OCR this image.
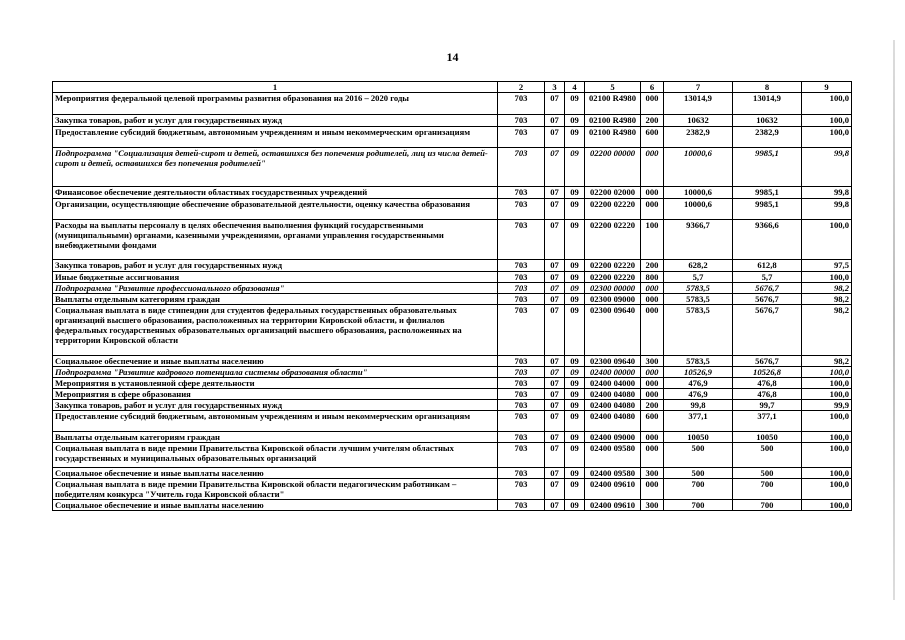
14
1	2	3	4	5	6	7	8	9
Мероприятия федеральной целевой программы развития образования на 2016 – 2020 годы	703	07	09	02100 R4980	000	13014,9	13014,9	100,0
Закупка товаров, работ и услуг для государственных нужд	703	07	09	02100 R4980	200	10632	10632	100,0
Предоставление субсидий бюджетным, автономным учреждениям и иным некоммерческим организациям	703	07	09	02100 R4980	600	2382,9	2382,9	100,0
Подпрограмма "Социализация детей-сирот и детей, оставшихся без попечения родителей, лиц из числа детей-сирот и детей, оставшихся без попечения родителей"	703	07	09	02200 00000	000	10000,6	9985,1	99,8
Финансовое обеспечение деятельности областных государственных учреждений	703	07	09	02200 02000	000	10000,6	9985,1	99,8
Организации, осуществляющие обеспечение образовательной деятельности, оценку качества образования	703	07	09	02200 02220	000	10000,6	9985,1	99,8
Расходы на выплаты персоналу в целях обеспечения выполнения функций государственными (муниципальными) органами, казенными учреждениями, органами управления государственными внебюджетными фондами	703	07	09	02200 02220	100	9366,7	9366,6	100,0
Закупка товаров, работ и услуг для государственных нужд	703	07	09	02200 02220	200	628,2	612,8	97,5
Иные бюджетные ассигнования	703	07	09	02200 02220	800	5,7	5,7	100,0
Подпрограмма "Развитие профессионального образования"	703	07	09	02300 00000	000	5783,5	5676,7	98,2
Выплаты отдельным категориям граждан	703	07	09	02300 09000	000	5783,5	5676,7	98,2
Социальная выплата в виде стипендии для студентов федеральных государственных образовательных организаций высшего образования, расположенных на территории Кировской области, и филиалов федеральных государственных образовательных организаций высшего образования, расположенных на территории Кировской области	703	07	09	02300 09640	000	5783,5	5676,7	98,2
Социальное обеспечение и иные выплаты населению	703	07	09	02300 09640	300	5783,5	5676,7	98,2
Подпрограмма "Развитие кадрового потенциала системы образования области"	703	07	09	02400 00000	000	10526,9	10526,8	100,0
Мероприятия в установленной сфере деятельности	703	07	09	02400 04000	000	476,9	476,8	100,0
Мероприятия в сфере образования	703	07	09	02400 04080	000	476,9	476,8	100,0
Закупка товаров, работ и услуг для государственных нужд	703	07	09	02400 04080	200	99,8	99,7	99,9
Предоставление субсидий бюджетным, автономным учреждениям и иным некоммерческим организациям	703	07	09	02400 04080	600	377,1	377,1	100,0
Выплаты отдельным категориям граждан	703	07	09	02400 09000	000	10050	10050	100,0
Социальная выплата в виде премии Правительства Кировской области лучшим учителям областных государственных и муниципальных образовательных организаций	703	07	09	02400 09580	000	500	500	100,0
Социальное обеспечение и иные выплаты населению	703	07	09	02400 09580	300	500	500	100,0
Социальная выплата в виде премии Правительства Кировской области педагогическим работникам – победителям конкурса "Учитель года Кировской области"	703	07	09	02400 09610	000	700	700	100,0
Социальное обеспечение и иные выплаты населению	703	07	09	02400 09610	300	700	700	100,0
